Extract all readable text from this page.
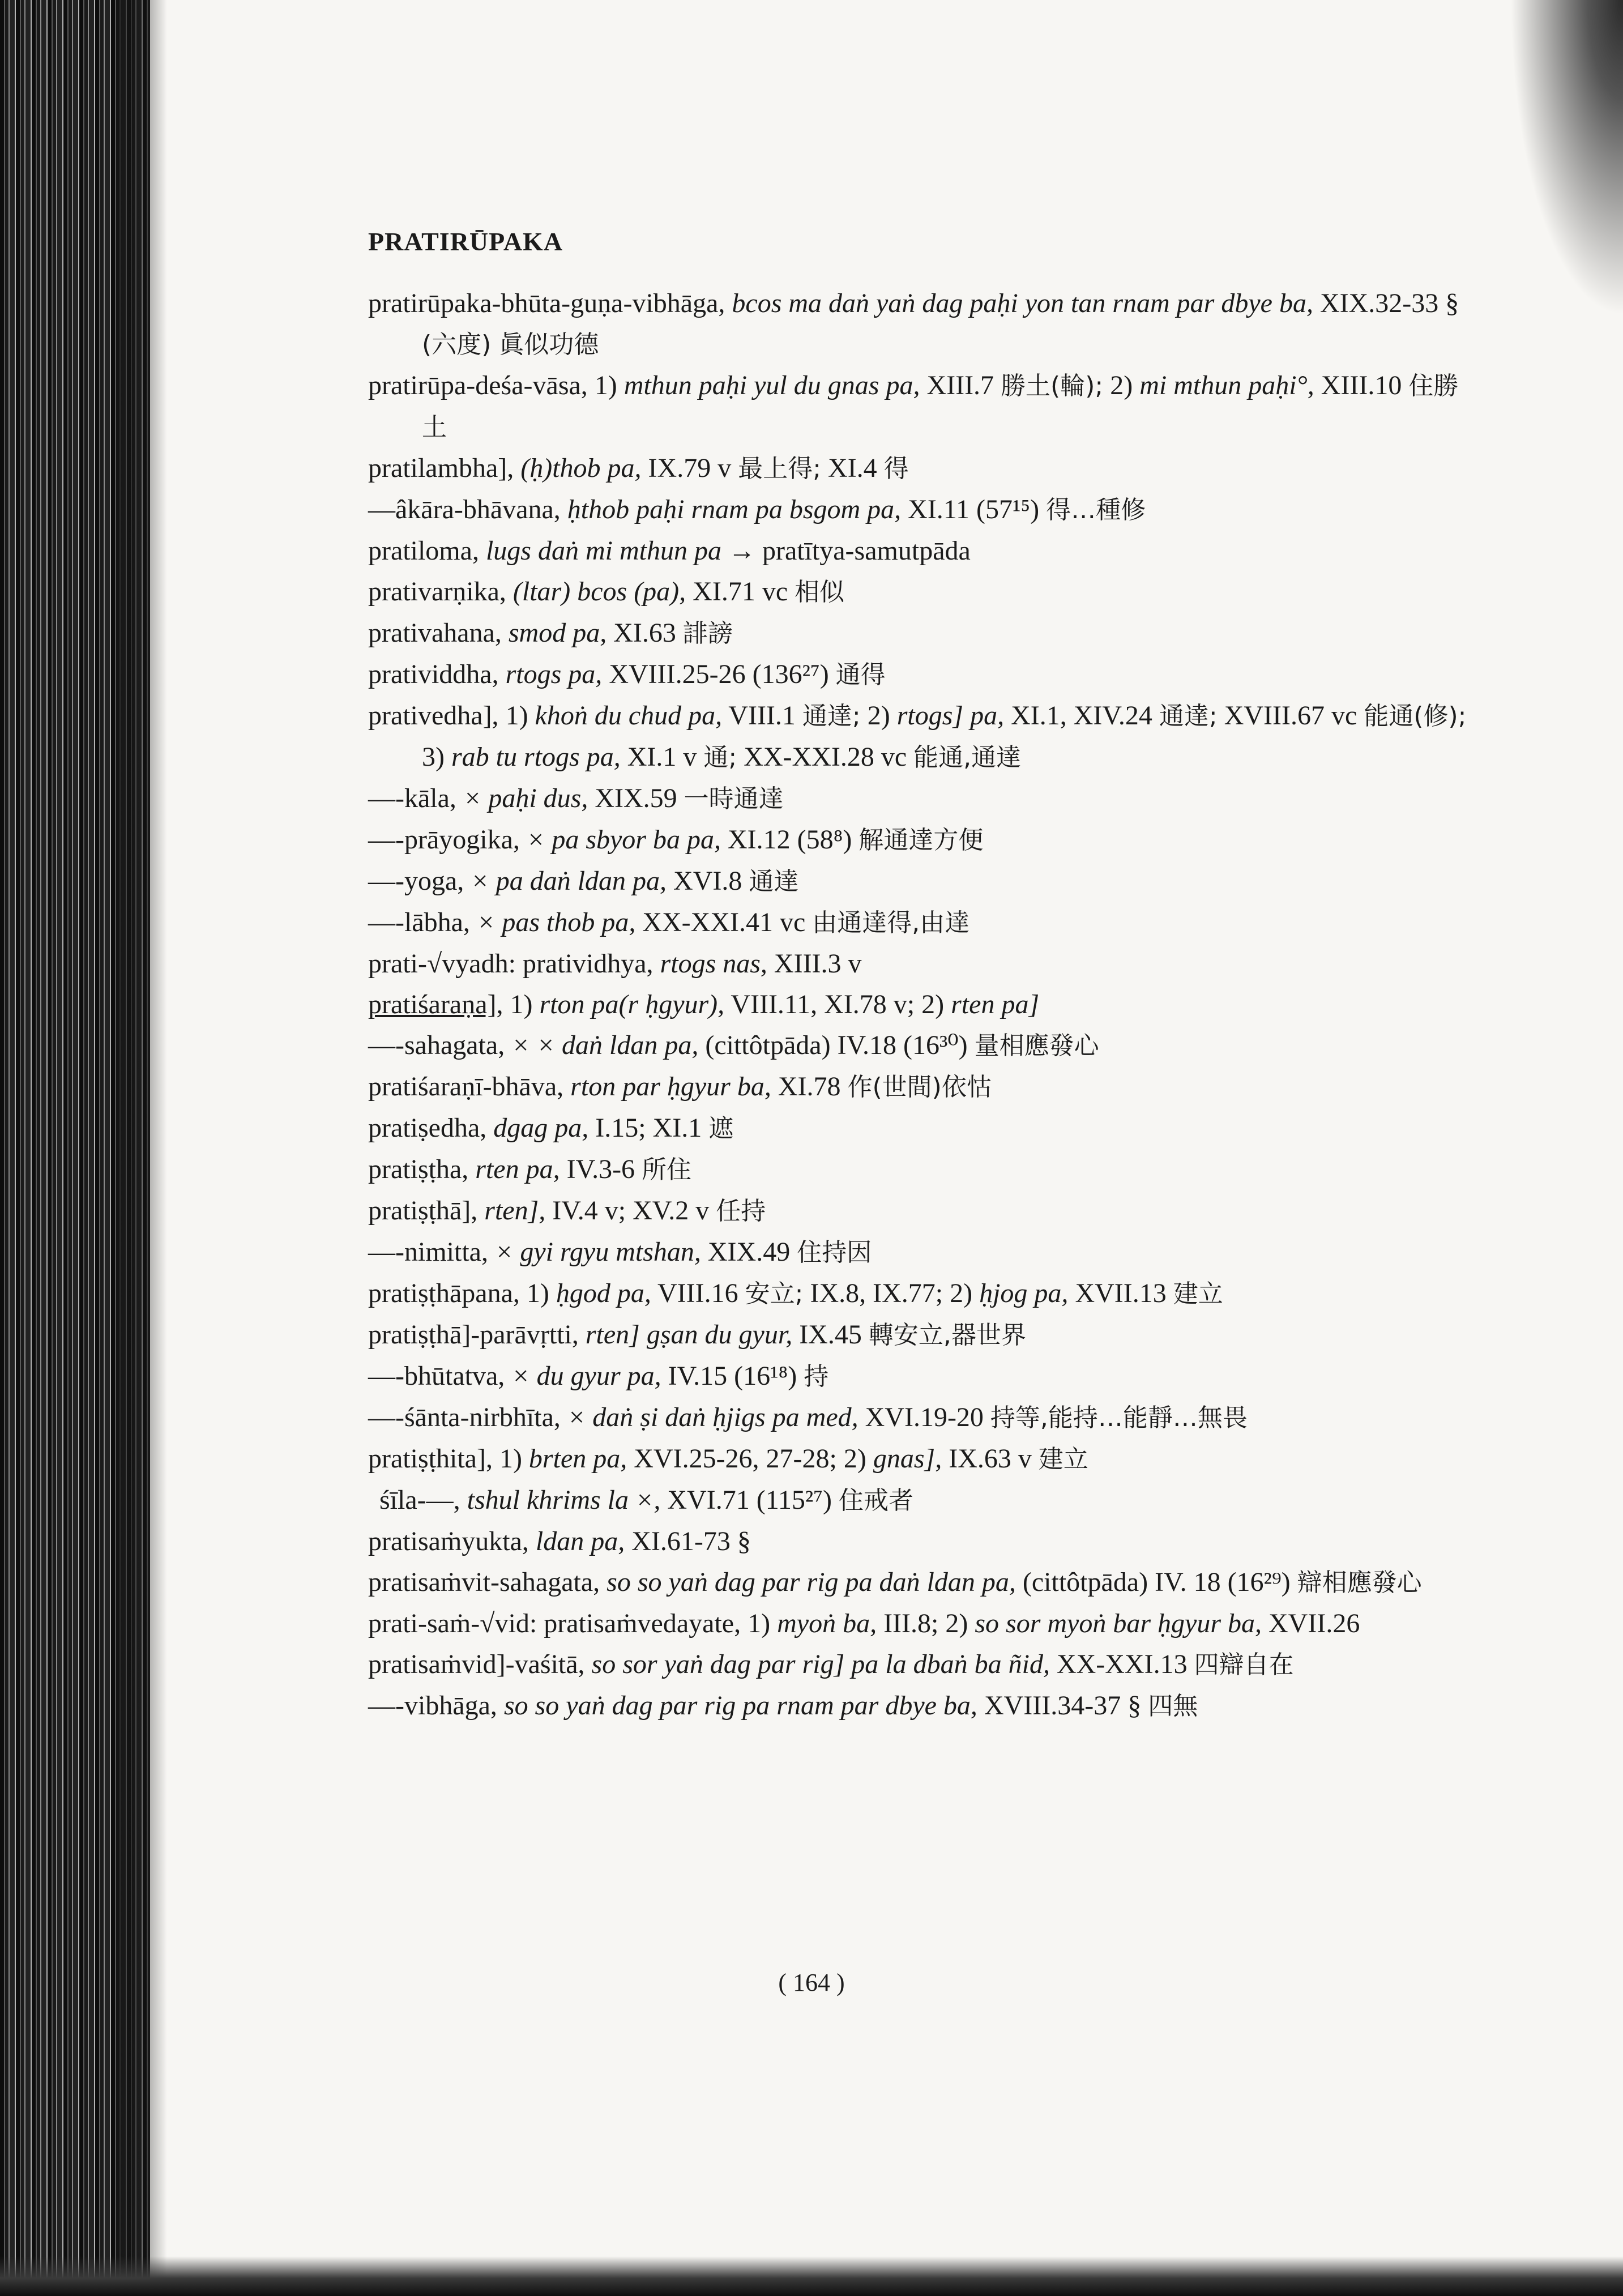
PRATIRŪPAKA

pratirūpaka-bhūta-guṇa-vibhāga, bcos ma daṅ yaṅ dag paḥi yon tan rnam par dbye ba, XIX.32-33 § (六度) 眞似功德

pratirūpa-deśa-vāsa, 1) mthun paḥi yul du gnas pa, XIII.7 勝土(輪); 2) mi mthun paḥi°, XIII.10 住勝土

pratilambha], (ḥ)thob pa, IX.79 v 最上得; XI.4 得

—âkāra-bhāvana, ḥthob paḥi rnam pa bsgom pa, XI.11 (57¹⁵) 得…種修

pratiloma, lugs daṅ mi mthun pa → pratītya-samutpāda

prativarṇika, (ltar) bcos (pa), XI.71 vc 相似

prativahana, smod pa, XI.63 誹謗

pratividdha, rtogs pa, XVIII.25-26 (136²⁷) 通得

prativedha], 1) khoṅ du chud pa, VIII.1 通達; 2) rtogs] pa, XI.1, XIV.24 通達; XVIII.67 vc 能通(修); 3) rab tu rtogs pa, XI.1 v 通; XX-XXI.28 vc 能通,通達

—-kāla, × paḥi dus, XIX.59 一時通達

—-prāyogika, × pa sbyor ba pa, XI.12 (58⁸) 解通達方便

—-yoga, × pa daṅ ldan pa, XVI.8 通達

—-lābha, × pas thob pa, XX-XXI.41 vc 由通達得,由達

prati-√vyadh: pratividhya, rtogs nas, XIII.3 v

pratiśaraṇa], 1) rton pa(r ḥgyur), VIII.11, XI.78 v; 2) rten pa]

—-sahagata, × × daṅ ldan pa, (cittôtpāda) IV.18 (16³⁰) 量相應發心

pratiśaraṇī-bhāva, rton par ḥgyur ba, XI.78 作(世間)依怙

pratiṣedha, dgag pa, I.15; XI.1 遮

pratiṣṭha, rten pa, IV.3-6 所住

pratiṣṭhā], rten], IV.4 v; XV.2 v 任持

—-nimitta, × gyi rgyu mtshan, XIX.49 住持因

pratiṣṭhāpana, 1) ḥgod pa, VIII.16 安立; IX.8, IX.77; 2) ḥjog pa, XVII.13 建立

pratiṣṭhā]-parāvṛtti, rten] gṣan du gyur, IX.45 轉安立,器世界

—-bhūtatva, × du gyur pa, IV.15 (16¹⁸) 持

—-śānta-nirbhīta, × daṅ ṣi daṅ ḥjigs pa med, XVI.19-20 持等,能持…能靜…無畏

pratiṣṭhita], 1) brten pa, XVI.25-26, 27-28; 2) gnas], IX.63 v 建立

śīla-—, tshul khrims la ×, XVI.71 (115²⁷) 住戒者

pratisaṁyukta, ldan pa, XI.61-73 §

pratisaṁvit-sahagata, so so yaṅ dag par rig pa daṅ ldan pa, (cittôtpāda) IV. 18 (16²⁹) 辯相應發心

prati-saṁ-√vid: pratisaṁvedayate, 1) myoṅ ba, III.8; 2) so sor myoṅ bar ḥgyur ba, XVII.26

pratisaṁvid]-vaśitā, so sor yaṅ dag par rig] pa la dbaṅ ba ñid, XX-XXI.13 四辯自在

—-vibhāga, so so yaṅ dag par rig pa rnam par dbye ba, XVIII.34-37 § 四無

( 164 )
